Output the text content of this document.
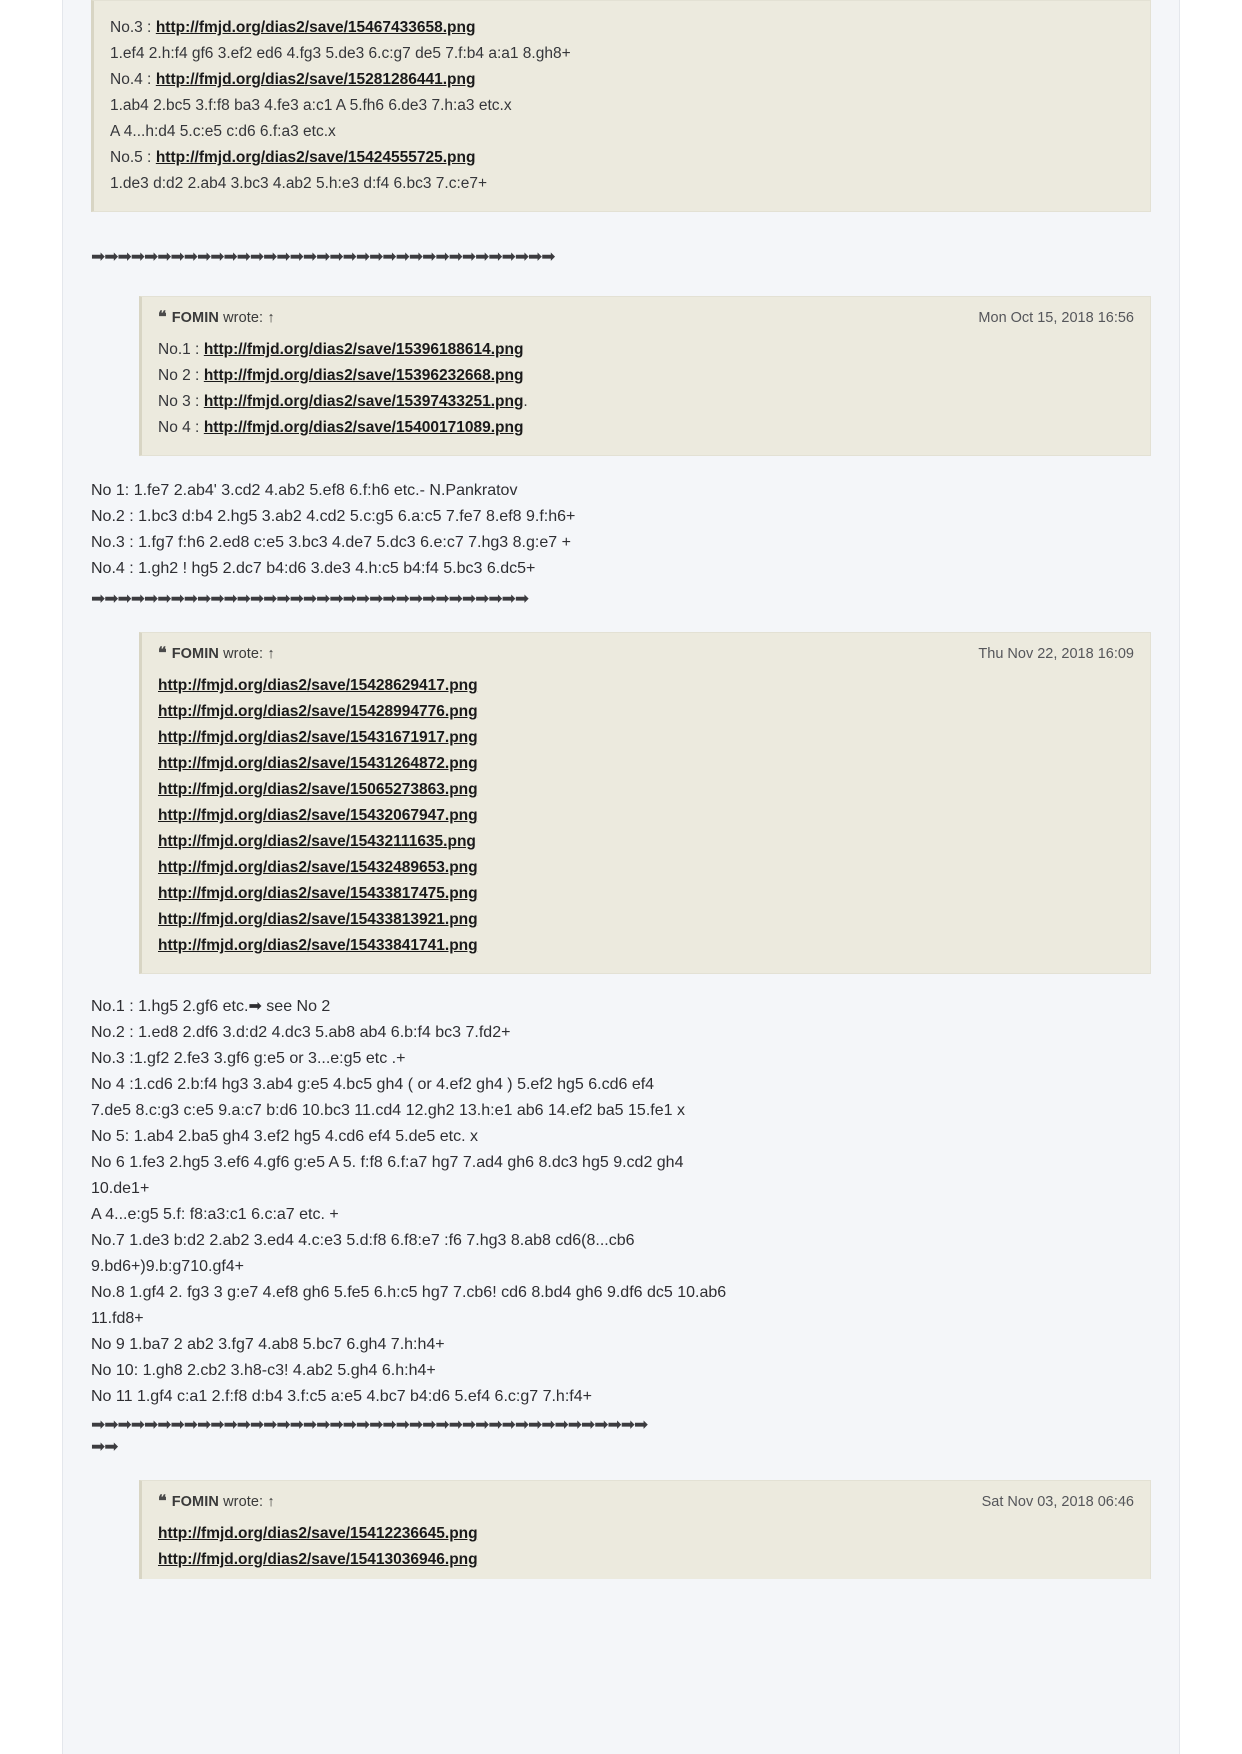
No.3 : http://fmjd.org/dias2/save/15467433658.png
1.ef4 2.h:f4 gf6 3.ef2 ed6 4.fg3 5.de3 6.c:g7 de5 7.f:b4 a:a1 8.gh8+
No.4 : http://fmjd.org/dias2/save/15281286441.png
1.ab4 2.bc5 3.f:f8 ba3 4.fe3 a:c1 A 5.fh6 6.de3 7.h:a3 etc.x
A 4...h:d4 5.c:e5 c:d6 6.f:a3 etc.x
No.5 : http://fmjd.org/dias2/save/15424555725.png
1.de3 d:d2 2.ab4 3.bc3 4.ab2 5.h:e3 d:f4 6.bc3 7.c:e7+
➡➡➡➡➡➡➡➡➡➡➡➡➡➡➡➡➡➡➡➡➡➡➡➡➡➡➡➡➡➡➡➡➡➡➡
❝ FOMIN wrote: ↑	Mon Oct 15, 2018 16:56
No.1 : http://fmjd.org/dias2/save/15396188614.png
No 2 : http://fmjd.org/dias2/save/15396232668.png
No 3 : http://fmjd.org/dias2/save/15397433251.png.
No 4 : http://fmjd.org/dias2/save/15400171089.png
No 1: 1.fe7 2.ab4' 3.cd2 4.ab2 5.ef8 6.f:h6 etc.- N.Pankratov
No.2 : 1.bc3 d:b4 2.hg5 3.ab2 4.cd2 5.c:g5 6.a:c5 7.fe7 8.ef8 9.f:h6+
No.3 : 1.fg7 f:h6 2.ed8 c:e5 3.bc3 4.de7 5.dc3 6.e:c7 7.hg3 8.g:e7 +
No.4 : 1.gh2 ! hg5 2.dc7 b4:d6 3.de3 4.h:c5 b4:f4 5.bc3 6.dc5+
➡➡➡➡➡➡➡➡➡➡➡➡➡➡➡➡➡➡➡➡➡➡➡➡➡➡➡➡➡➡➡➡➡
❝ FOMIN wrote: ↑	Thu Nov 22, 2018 16:09
http://fmjd.org/dias2/save/15428629417.png
http://fmjd.org/dias2/save/15428994776.png
http://fmjd.org/dias2/save/15431671917.png
http://fmjd.org/dias2/save/15431264872.png
http://fmjd.org/dias2/save/15065273863.png
http://fmjd.org/dias2/save/15432067947.png
http://fmjd.org/dias2/save/15432111635.png
http://fmjd.org/dias2/save/15432489653.png
http://fmjd.org/dias2/save/15433817475.png
http://fmjd.org/dias2/save/15433813921.png
http://fmjd.org/dias2/save/15433841741.png
No.1 : 1.hg5 2.gf6 etc.➡ see No 2
No.2 : 1.ed8 2.df6 3.d:d2 4.dc3 5.ab8 ab4 6.b:f4 bc3 7.fd2+
No.3 :1.gf2 2.fe3 3.gf6 g:e5 or 3...e:g5 etc .+
No 4 :1.cd6 2.b:f4 hg3 3.ab4 g:e5 4.bc5 gh4 ( or 4.ef2 gh4 ) 5.ef2 hg5 6.cd6 ef4
7.de5 8.c:g3 c:e5 9.a:c7 b:d6 10.bc3 11.cd4 12.gh2 13.h:e1 ab6 14.ef2 ba5 15.fe1 x
No 5: 1.ab4 2.ba5 gh4 3.ef2 hg5 4.cd6 ef4 5.de5 etc. x
No 6 1.fe3 2.hg5 3.ef6 4.gf6 g:e5 A 5. f:f8 6.f:a7 hg7 7.ad4 gh6 8.dc3 hg5 9.cd2 gh4
10.de1+
A 4...e:g5 5.f: f8:a3:c1 6.c:a7 etc. +
No.7 1.de3 b:d2 2.ab2 3.ed4 4.c:e3 5.d:f8 6.f8:e7 :f6 7.hg3 8.ab8 cd6(8...cb6
9.bd6+)9.b:g710.gf4+
No.8 1.gf4 2. fg3 3 g:e7 4.ef8 gh6 5.fe5 6.h:c5 hg7 7.cb6! cd6 8.bd4 gh6 9.df6 dc5 10.ab6
11.fd8+
No 9 1.ba7 2 ab2 3.fg7 4.ab8 5.bc7 6.gh4 7.h:h4+
No 10: 1.gh8 2.cb2 3.h8-c3! 4.ab2 5.gh4 6.h:h4+
No 11 1.gf4 c:a1 2.f:f8 d:b4 3.f:c5 a:e5 4.bc7 b4:d6 5.ef4 6.c:g7 7.h:f4+
➡➡➡➡➡➡➡➡➡➡➡➡➡➡➡➡➡➡➡➡➡➡➡➡➡➡➡➡➡➡➡➡➡➡➡➡➡➡➡➡➡➡
➡➡
❝ FOMIN wrote: ↑	Sat Nov 03, 2018 06:46
http://fmjd.org/dias2/save/15412236645.png
http://fmjd.org/dias2/save/15413036946.png
